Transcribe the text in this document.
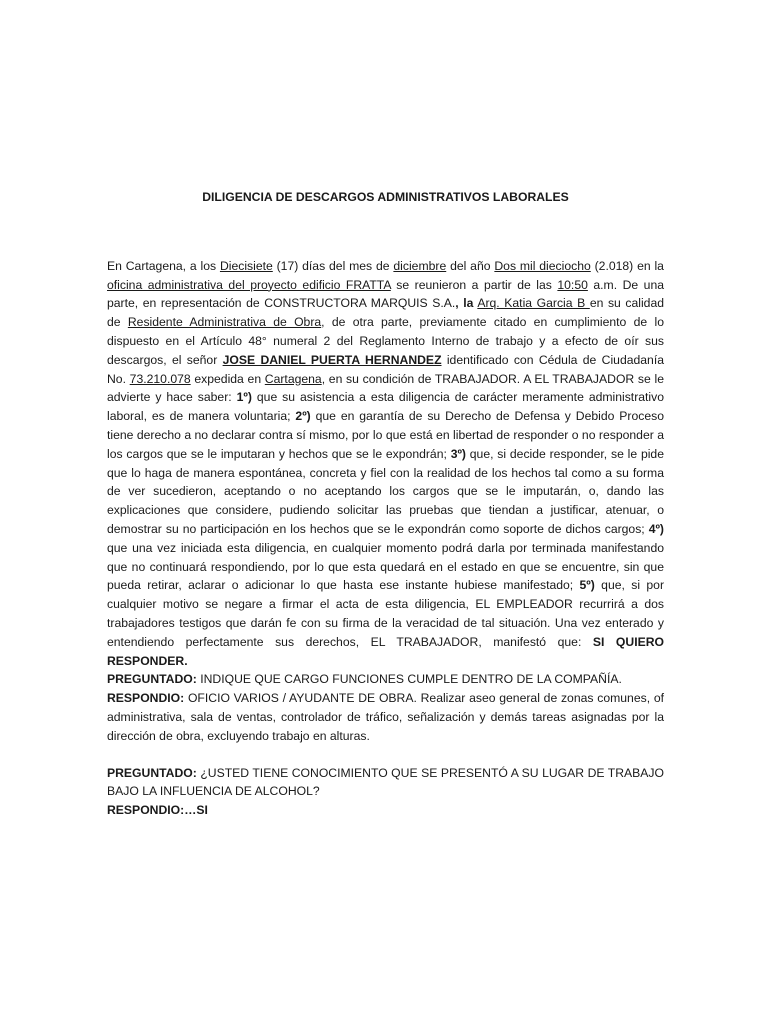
DILIGENCIA DE DESCARGOS ADMINISTRATIVOS LABORALES

En Cartagena, a los Diecisiete (17) días del mes de diciembre del año Dos mil dieciocho (2.018) en la oficina administrativa del proyecto edificio FRATTA se reunieron a partir de las 10:50 a.m. De una parte, en representación de CONSTRUCTORA MARQUIS S.A., la Arq. Katia Garcia B en su calidad de Residente Administrativa de Obra, de otra parte, previamente citado en cumplimiento de lo dispuesto en el Artículo 48° numeral 2 del Reglamento Interno de trabajo y a efecto de oír sus descargos, el señor JOSE DANIEL PUERTA HERNANDEZ identificado con Cédula de Ciudadanía No. 73.210.078 expedida en Cartagena, en su condición de TRABAJADOR. A EL TRABAJADOR se le advierte y hace saber: 1º) que su asistencia a esta diligencia de carácter meramente administrativo laboral, es de manera voluntaria; 2º) que en garantía de su Derecho de Defensa y Debido Proceso tiene derecho a no declarar contra sí mismo, por lo que está en libertad de responder o no responder a los cargos que se le imputaran y hechos que se le expondrán; 3º) que, si decide responder, se le pide que lo haga de manera espontánea, concreta y fiel con la realidad de los hechos tal como a su forma de ver sucedieron, aceptando o no aceptando los cargos que se le imputarán, o, dando las explicaciones que considere, pudiendo solicitar las pruebas que tiendan a justificar, atenuar, o demostrar su no participación en los hechos que se le expondrán como soporte de dichos cargos; 4º) que una vez iniciada esta diligencia, en cualquier momento podrá darla por terminada manifestando que no continuará respondiendo, por lo que esta quedará en el estado en que se encuentre, sin que pueda retirar, aclarar o adicionar lo que hasta ese instante hubiese manifestado; 5º) que, si por cualquier motivo se negare a firmar el acta de esta diligencia, EL EMPLEADOR recurrirá a dos trabajadores testigos que darán fe con su firma de la veracidad de tal situación. Una vez enterado y entendiendo perfectamente sus derechos, EL TRABAJADOR, manifestó que: SI QUIERO RESPONDER.

PREGUNTADO: INDIQUE QUE CARGO FUNCIONES CUMPLE DENTRO DE LA COMPAÑÍA.
RESPONDIO: OFICIO VARIOS / AYUDANTE DE OBRA. Realizar aseo general de zonas comunes, of administrativa, sala de ventas, controlador de tráfico, señalización y demás tareas asignadas por la dirección de obra, excluyendo trabajo en alturas.

PREGUNTADO: ¿USTED TIENE CONOCIMIENTO QUE SE PRESENTÓ A SU LUGAR DE TRABAJO BAJO LA INFLUENCIA DE ALCOHOL?
RESPONDIO:…SI
